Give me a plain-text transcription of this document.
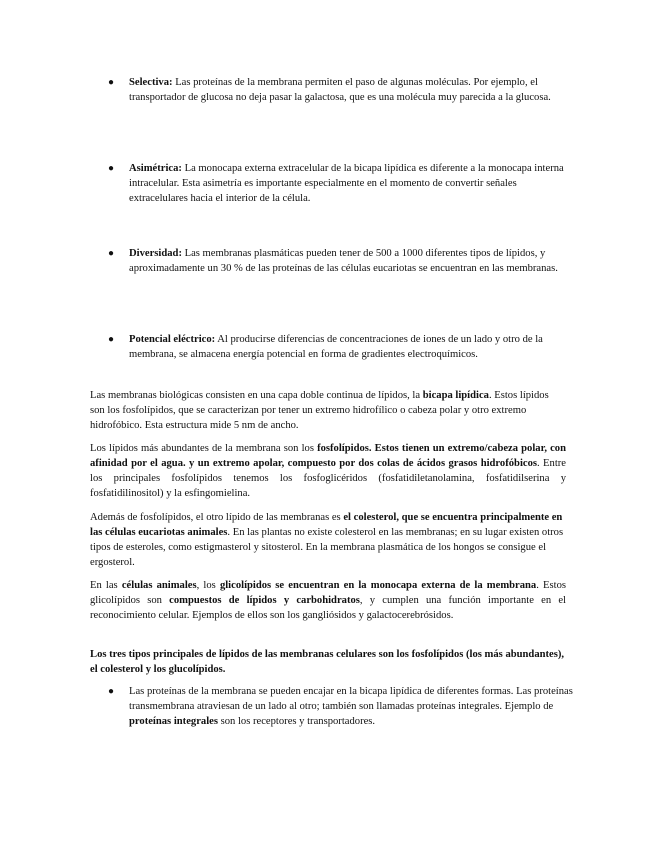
●	Selectiva: Las proteínas de la membrana permiten el paso de algunas moléculas. Por ejemplo, el transportador de glucosa no deja pasar la galactosa, que es una molécula muy parecida a la glucosa.
●	Asimétrica: La monocapa externa extracelular de la bicapa lipídica es diferente a la monocapa interna intracelular. Esta asimetría es importante especialmente en el momento de convertir señales extracelulares hacia el interior de la célula.
●	Diversidad: Las membranas plasmáticas pueden tener de 500 a 1000 diferentes tipos de lípidos, y aproximadamente un 30 % de las proteínas de las células eucariotas se encuentran en las membranas.
●	Potencial eléctrico: Al producirse diferencias de concentraciones de iones de un lado y otro de la membrana, se almacena energía potencial en forma de gradientes electroquímicos.

Las membranas biológicas consisten en una capa doble continua de lípidos, la bicapa lipídica. Estos lípidos son los fosfolípidos, que se caracterizan por tener un extremo hidrofílico o cabeza polar y otro extremo hidrofóbico. Esta estructura mide 5 nm de ancho.

Los lípidos más abundantes de la membrana son los fosfolípidos. Estos tienen un extremo/cabeza polar, con afinidad por el agua. y un extremo apolar, compuesto por dos colas de ácidos grasos hidrofóbicos. Entre los principales fosfolípidos tenemos los fosfoglicéridos (fosfatidiletanolamina, fosfatidilserina y fosfatidilinositol) y la esfingomielina.

Además de fosfolípidos, el otro lípido de las membranas es el colesterol, que se encuentra principalmente en las células eucariotas animales. En las plantas no existe colesterol en las membranas; en su lugar existen otros tipos de esteroles, como estigmasterol y sitosterol. En la membrana plasmática de los hongos se consigue el ergosterol.

En las células animales, los glicolípidos se encuentran en la monocapa externa de la membrana. Estos glicolípidos son compuestos de lípidos y carbohidratos, y cumplen una función importante en el reconocimiento celular. Ejemplos de ellos son los gangliósidos y galactocerebrósidos.

Los tres tipos principales de lípidos de las membranas celulares son los fosfolípidos (los más abundantes), el colesterol y los glucolípidos.

●	Las proteínas de la membrana se pueden encajar en la bicapa lipídica de diferentes formas. Las proteínas transmembrana atraviesan de un lado al otro; también son llamadas proteínas integrales. Ejemplo de proteínas integrales son los receptores y transportadores.
